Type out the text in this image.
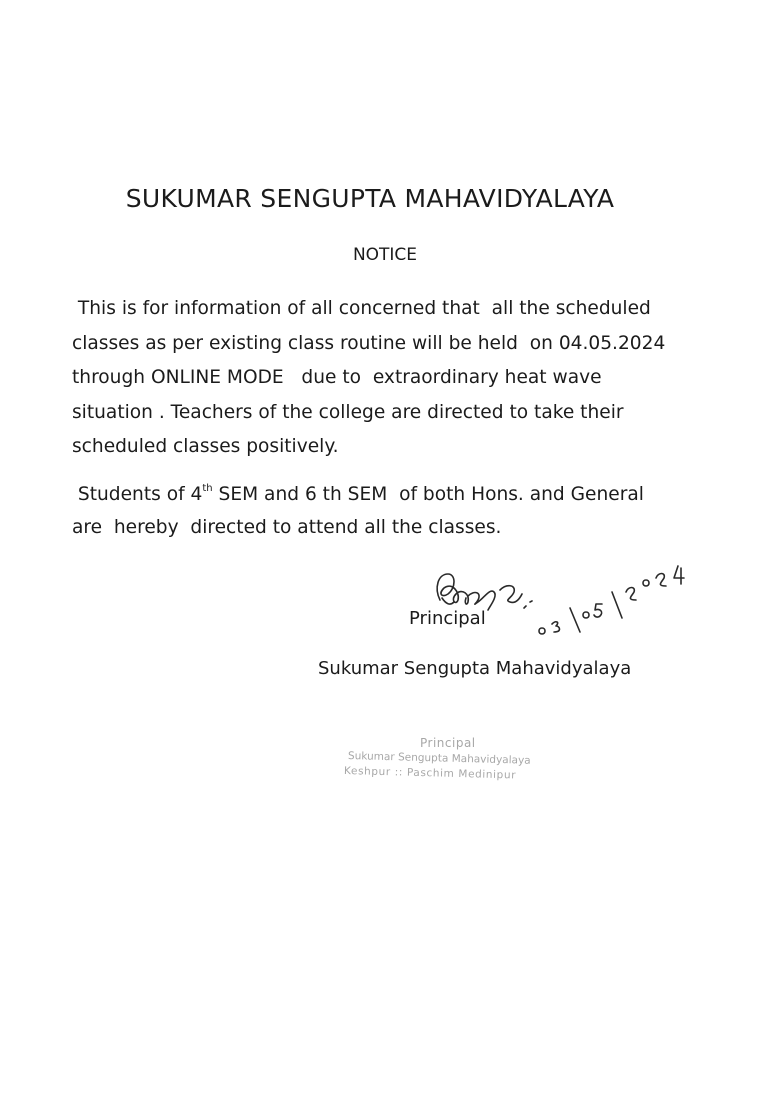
SUKUMAR SENGUPTA MAHAVIDYALAYA
NOTICE
This is for information of all concerned that  all the scheduled
classes as per existing class routine will be held  on 04.05.2024
through ONLINE MODE   due to  extraordinary heat wave
situation . Teachers of the college are directed to take their
scheduled classes positively.
Students of 4th SEM and 6 th SEM  of both Hons. and General
are  hereby  directed to attend all the classes.
Principal
Sukumar Sengupta Mahavidyalaya
Principal
Sukumar Sengupta Mahavidyalaya
Keshpur :: Paschim Medinipur
